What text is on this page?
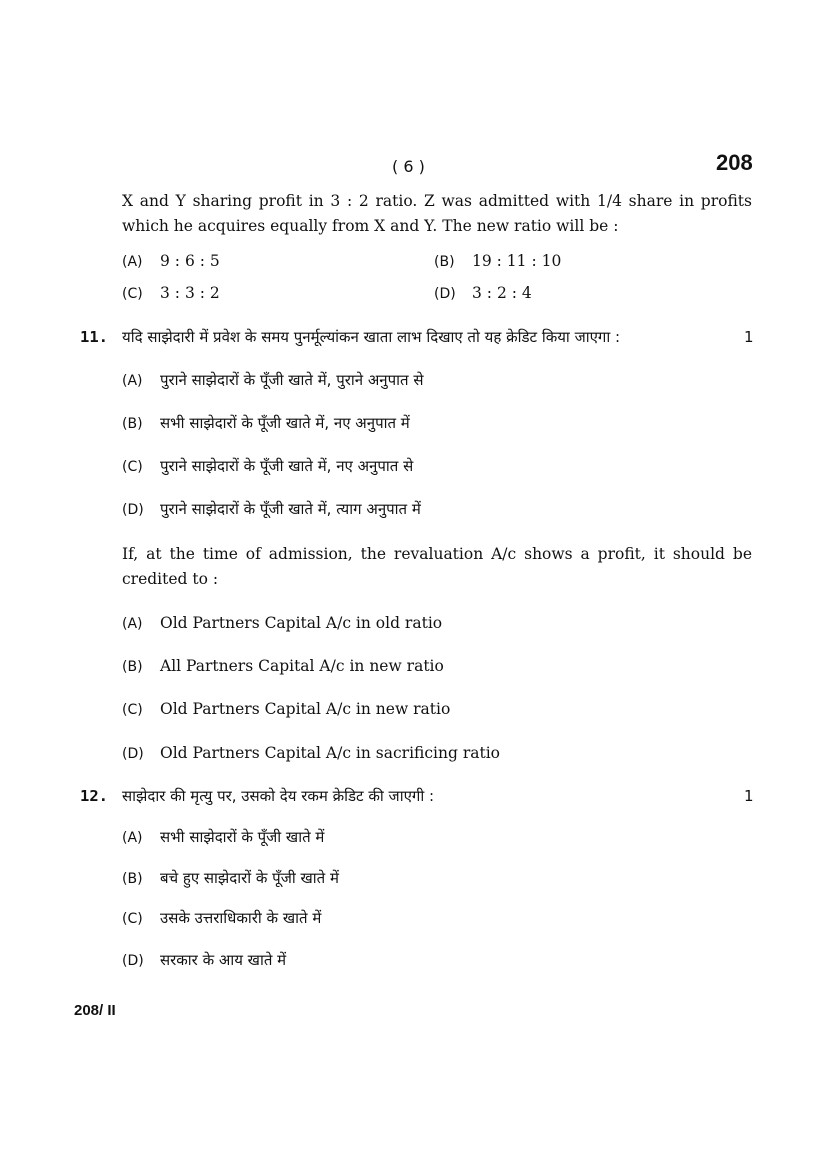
( 6 )	208
X and Y sharing profit in 3 : 2 ratio. Z was admitted with 1/4 share in profits which he acquires equally from X and Y. The new ratio will be :
(A) 9 : 6 : 5	(B) 19 : 11 : 10
(C) 3 : 3 : 2	(D) 3 : 2 : 4
11. यदि साझेदारी में प्रवेश के समय पुनर्मूल्यांकन खाता लाभ दिखाए तो यह क्रेडिट किया जाएगा :	1
(A) पुराने साझेदारों के पूँजी खाते में, पुराने अनुपात से
(B) सभी साझेदारों के पूँजी खाते में, नए अनुपात में
(C) पुराने साझेदारों के पूँजी खाते में, नए अनुपात से
(D) पुराने साझेदारों के पूँजी खाते में, त्याग अनुपात में
If, at the time of admission, the revaluation A/c shows a profit, it should be credited to :
(A) Old Partners Capital A/c in old ratio
(B) All Partners Capital A/c in new ratio
(C) Old Partners Capital A/c in new ratio
(D) Old Partners Capital A/c in sacrificing ratio
12. साझेदार की मृत्यु पर, उसको देय रकम क्रेडिट की जाएगी :	1
(A) सभी साझेदारों के पूँजी खाते में
(B) बचे हुए साझेदारों के पूँजी खाते में
(C) उसके उत्तराधिकारी के खाते में
(D) सरकार के आय खाते में
208/ II
